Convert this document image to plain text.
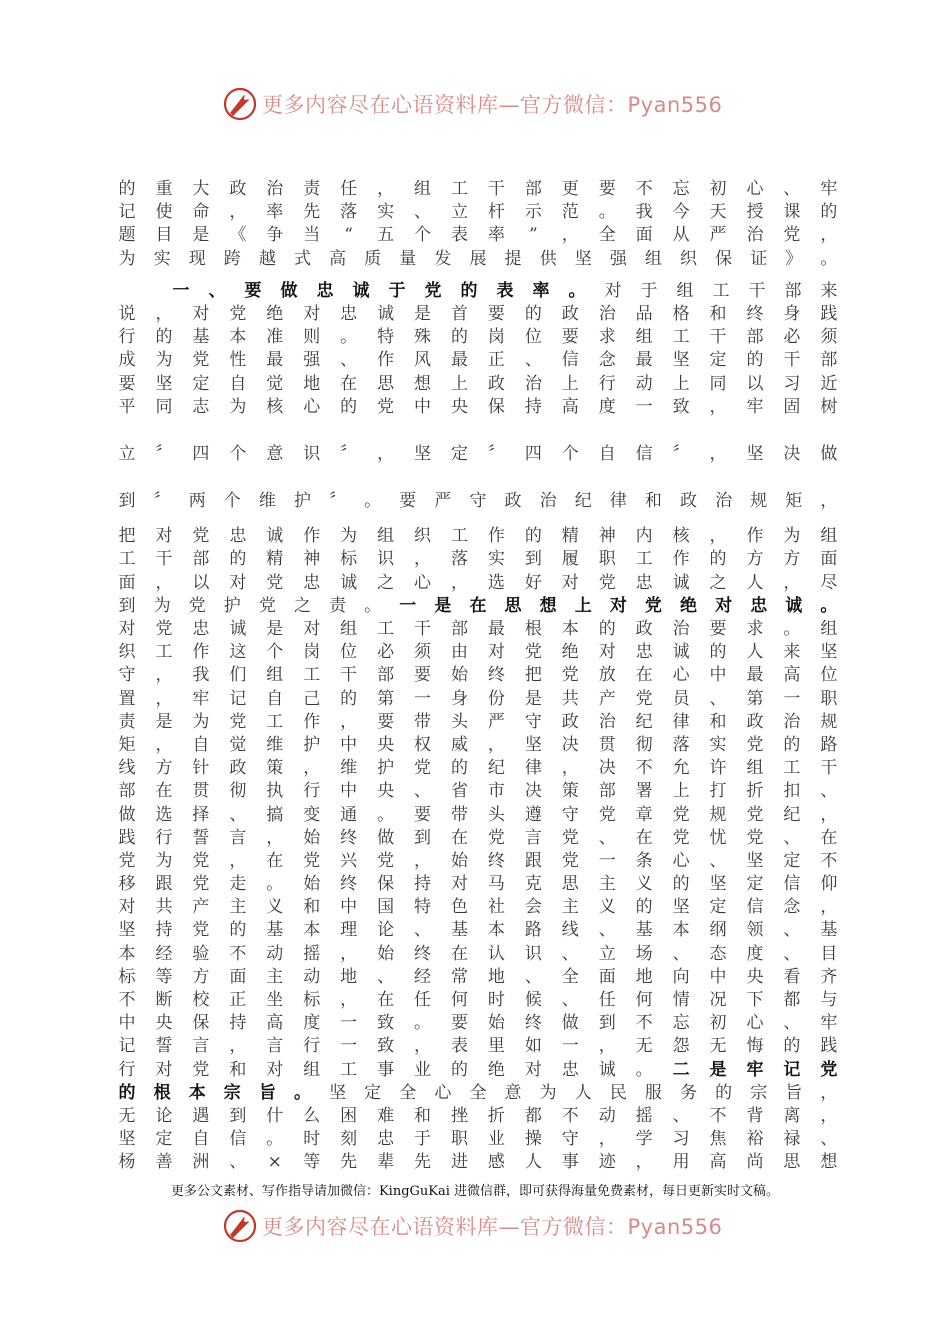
更多内容尽在心语资料库—官方微信：Pyan556
的 重 大 政 治 责 任 ， 组 工 干 部 更 要 不 忘 初 心 、 牢
记 使 命 ， 率 先 落 实 、 立 杆 示 范 。 我 今 天 授 课 的
题 目 是 《 争 当 “ 五 个 表 率 ” ， 全 面 从 严 治 党 ，
为 实 现 跨 越 式 高 质 量 发 展 提 供 坚 强 组 织 保 证 》 。
一 、 要 做 忠 诚 于 党 的 表 率 。 对 于 组 工 干 部 来
说 ， 对 党 绝 对 忠 诚 是 首 要 的 政 治 品 格 和 终 身 践
行 的 基 本 准 则 。 特 殊 的 岗 位 要 求 组 工 干 部 必 须
成 为 党 性 最 强 、 作 风 最 正 、 信 念 最 坚 定 的 干 部
要 坚 定 自 觉 地 在 思 想 上 政 治 上 行 动 上 同 以 习 近
平 同 志 为 核 心 的 党 中 央 保 持 高 度 一 致 ， 牢 固 树
立 〞 四 个 意 识 〞 ， 坚 定 〞 四 个 自 信 〞 ， 坚 决 做
到 〞 两 个 维 护 〞 。 要 严 守 政 治 纪 律 和 政 治 规 矩 ，
把 对 党 忠 诚 作 为 组 织 工 作 的 精 神 内 核 ， 作 为 组
工 干 部 的 精 神 标 识 ， 落 实 到 履 职 工 作 的 方 方 面
面 ， 以 对 党 忠 诚 之 心 ， 选 好 对 党 忠 诚 之 人 ， 尽
到 为 党 护 党 之 责 。 一 是 在 思 想 上 对 党 绝 对 忠 诚 。
对 党 忠 诚 是 对 组 工 干 部 最 根 本 的 政 治 要 求 。 组
织 工 作 这 个 岗 位 必 须 由 对 党 绝 对 忠 诚 的 人 来 坚
守 ， 我 们 组 工 干 部 要 始 终 把 党 放 在 心 中 最 高 位
置 ， 牢 记 自 己 的 第 一 身 份 是 共 产 党 员 、 第 一 职
责 是 为 党 工 作 ， 要 带 头 严 守 政 治 纪 律 和 政 治 规
矩 ， 自 觉 维 护 中 央 权 威 ， 坚 决 贯 彻 落 实 党 的 路
线 方 针 政 策 ， 维 护 党 的 纪 律 ， 决 不 允 许 组 工 干
部 在 贯 彻 执 行 中 央 、 省 市 决 策 部 署 上 打 折 扣 、
做 选 择 、 搞 变 通 。 要 带 头 遵 守 党 章 党 规 党 纪 ，
践 行 誓 言 ， 始 终 做 到 在 党 言 党 、 在 党 忧 党 、 在
党 为 党 ， 在 党 兴 党 ， 始 终 跟 党 一 条 心 、 坚 定 不
移 跟 党 走 。 始 终 保 持 对 马 克 思 主 义 的 坚 定 信 仰
对 共 产 主 义 和 中 国 特 色 社 会 主 义 的 坚 定 信 念 ，
坚 持 党 的 基 本 理 论 、 基 本 路 线 、 基 本 纲 领 、 基
本 经 验 不 动 摇 ， 始 终 在 认 识 、 立 场 、 态 度 、 目
标 等 方 面 主 动 地 、 经 常 地 、 全 面 地 向 中 央 看 齐
不 断 校 正 坐 标 ， 在 任 何 时 候 、 任 何 情 况 下 都 与
中 央 保 持 高 度 一 致 。 要 始 终 做 到 不 忘 初 心 、 牢
记 誓 言 ， 言 行 一 致 ， 表 里 如 一 ， 无 怨 无 悔 的 践
行 对 党 和 对 组 工 事 业 的 绝 对 忠 诚 。 二 是 牢 记 党
的 根 本 宗 旨 。 坚 定 全 心 全 意 为 人 民 服 务 的 宗 旨 ，
无 论 遇 到 什 么 困 难 和 挫 折 都 不 动 摇 、 不 背 离 ，
坚 定 自 信 。 时 刻 忠 于 职 业 操 守 ， 学 习 焦 裕 禄 、
杨 善 洲 、 × 等 先 辈 先 进 感 人 事 迹 ， 用 高 尚 思 想
更多公文素材、写作指导请加微信：KingGuKai 进微信群，即可获得海量免费素材，每日更新实时文稿。
更多内容尽在心语资料库—官方微信：Pyan556
